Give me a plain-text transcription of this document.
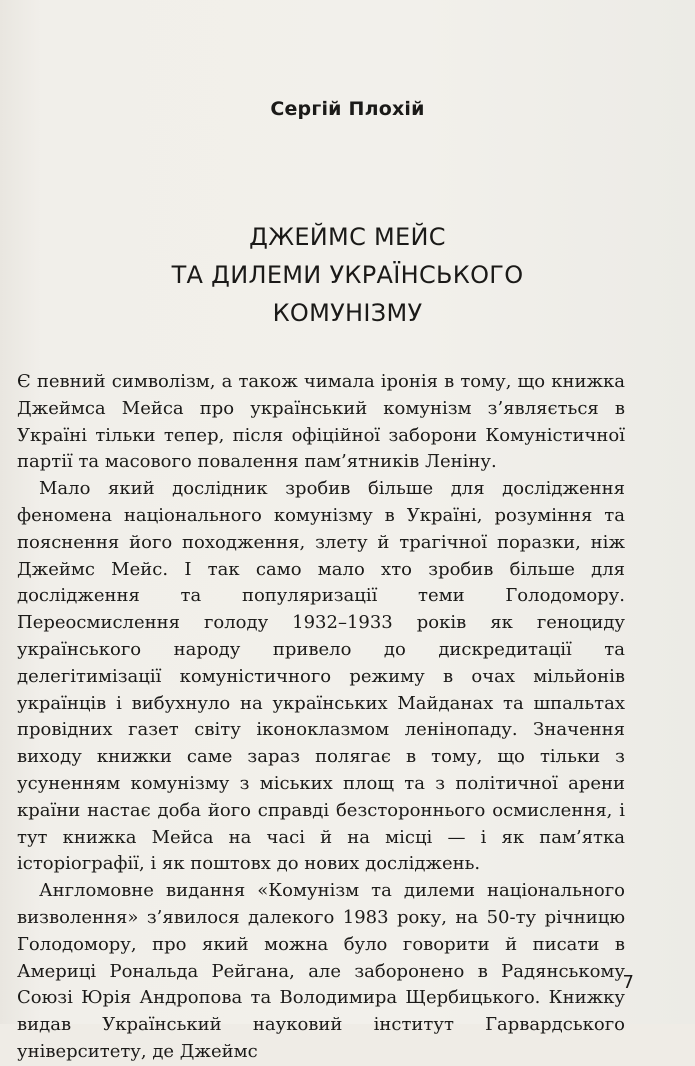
Сергій Плохій
ДЖЕЙМС МЕЙС
ТА ДИЛЕМИ УКРАЇНСЬКОГО
КОМУНІЗМУ

Є певний символізм, а також чимала іронія в тому, що книжка Джеймса Мейса про український комунізм з’являється в Україні тільки тепер, після офіційної заборони Комуністичної партії та масового повалення пам’ятників Леніну.

Мало який дослідник зробив більше для дослідження феномена національного комунізму в Україні, розуміння та пояснення його походження, злету й трагічної поразки, ніж Джеймс Мейс. І так само мало хто зробив більше для дослідження та популяризації теми Голодомору. Переосмислення голоду 1932–1933 років як геноциду українського народу привело до дискредитації та делегітимізації комуністичного режиму в очах мільйонів українців і вибухнуло на українських Майданах та шпальтах провідних газет світу іконоклазмом ленінопаду. Значення виходу книжки саме зараз полягає в тому, що тільки з усуненням комунізму з міських площ та з політичної арени країни настає доба його справді безстороннього осмислення, і тут книжка Мейса на часі й на місці — і як пам’ятка історіографії, і як поштовх до нових досліджень.

Англомовне видання «Комунізм та дилеми національного визволення» з’явилося далекого 1983 року, на 50-ту річницю Голодомору, про який можна було говорити й писати в Америці Рональда Рейгана, але заборонено в Радянському Союзі Юрія Андропова та Володимира Щербицького. Книжку видав Український науковий інститут Гарвардського університету, де Джеймс

7
